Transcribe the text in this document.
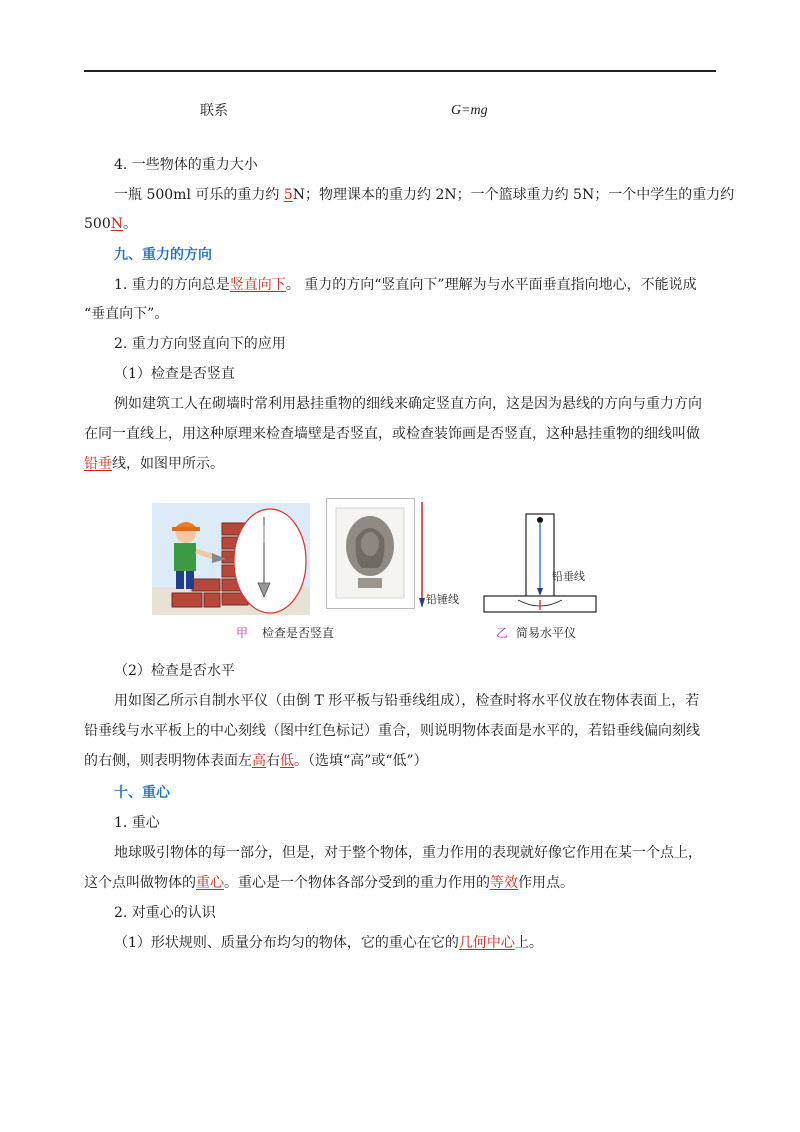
联系	G=mg
4. 一些物体的重力大小
一瓶 500ml 可乐的重力约 5N；物理课本的重力约 2N；一个篮球重力约 5N；一个中学生的重力约
500N。
九、重力的方向
1. 重力的方向总是竖直向下。 重力的方向“竖直向下”理解为与水平面垂直指向地心，不能说成
“垂直向下”。
2. 重力方向竖直向下的应用
（1）检查是否竖直
例如建筑工人在砌墙时常利用悬挂重物的细线来确定竖直方向，这是因为悬线的方向与重力方向
在同一直线上，用这种原理来检查墙壁是否竖直，或检查装饰画是否竖直，这种悬挂重物的细线叫做
铅垂线，如图甲所示。
铅锤线
铅垂线
甲 检查是否竖直	乙 简易水平仪
（2）检查是否水平
用如图乙所示自制水平仪（由倒 T 形平板与铅垂线组成），检查时将水平仪放在物体表面上，若
铅垂线与水平板上的中心刻线（图中红色标记）重合，则说明物体表面是水平的，若铅垂线偏向刻线
的右侧，则表明物体表面左高右低。（选填“高”或“低”）
十、重心
1. 重心
地球吸引物体的每一部分，但是，对于整个物体，重力作用的表现就好像它作用在某一个点上，
这个点叫做物体的重心。重心是一个物体各部分受到的重力作用的等效作用点。
2. 对重心的认识
（1）形状规则、质量分布均匀的物体，它的重心在它的几何中心上。
